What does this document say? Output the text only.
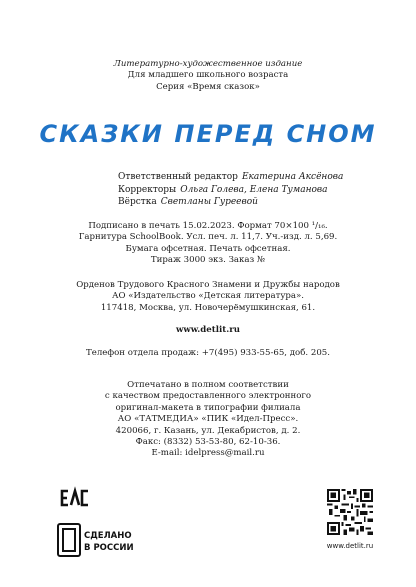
Литературно-художественное издание
Для младшего школьного возраста
Серия «Время сказок»
СКАЗКИ ПЕРЕД СНОМ
Ответственный редактор Екатерина Аксёнова
Корректоры Ольга Голева, Елена Туманова
Вёрстка Светланы Гуреевой
Подписано в печать 15.02.2023. Формат 70×100 ¹/₁₆.
Гарнитура SchoolBook. Усл. печ. л. 11,7. Уч.-изд. л. 5,69.
Бумага офсетная. Печать офсетная.
Тираж 3000 экз. Заказ №
Орденов Трудового Красного Знамени и Дружбы народов
АО «Издательство «Детская литература».
117418, Москва, ул. Новочерёмушкинская, 61.
www.detlit.ru
Телефон отдела продаж: +7(495) 933-55-65, доб. 205.
Отпечатано в полном соответствии
с качеством предоставленного электронного
оригинал-макета в типографии филиала
АО «ТАТМЕДИА» «ПИК «Идел-Пресс».
420066, г. Казань, ул. Декабристов, д. 2.
Факс: (8332) 53-53-80, 62-10-36.
E-mail: idelpress@mail.ru
СДЕЛАНО
В РОССИИ	www.detlit.ru
